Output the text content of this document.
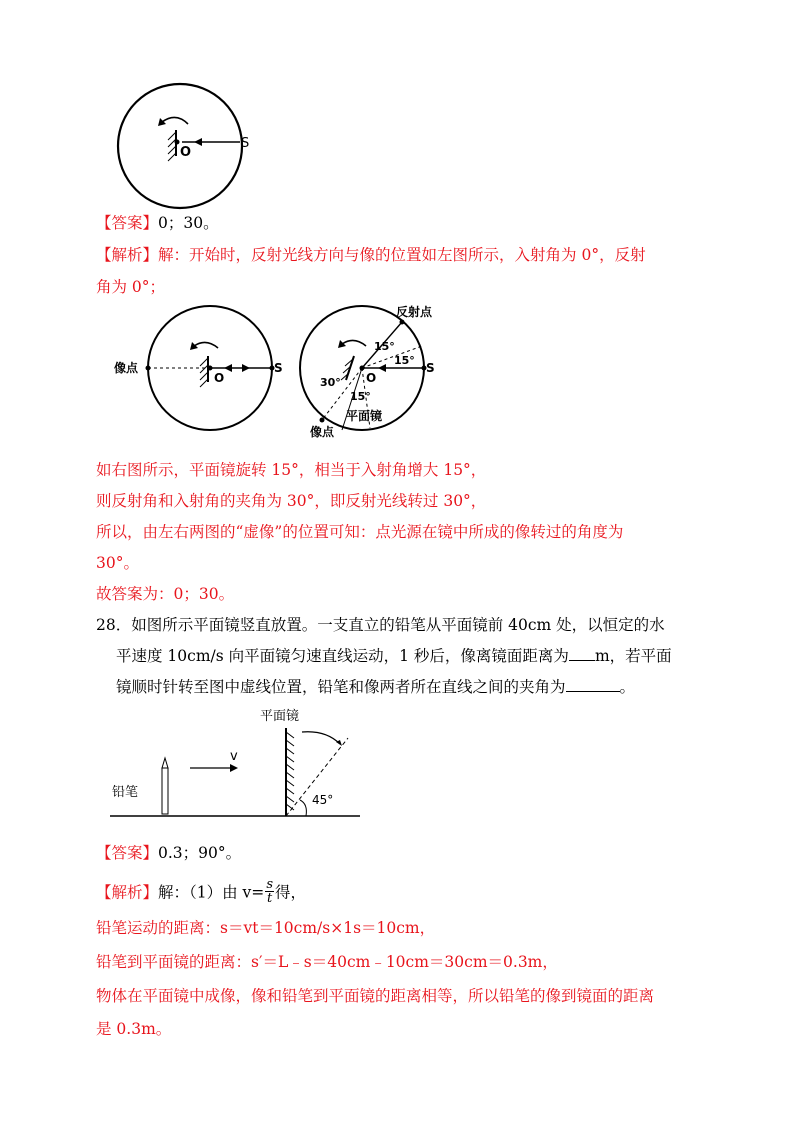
O
S
【答案】0；30。
【解析】解：开始时，反射光线方向与像的位置如左图所示，入射角为 0°，反射
角为 0°；
像点
O
S
反射点
15°
15°
30° O
S
15°
平面镜
像点
如右图所示，平面镜旋转 15°，相当于入射角增大 15°，
则反射角和入射角的夹角为 30°，即反射光线转过 30°，
所以，由左右两图的“虚像”的位置可知：点光源在镜中所成的像转过的角度为
30°。
故答案为：0；30。
28．如图所示平面镜竖直放置。一支直立的铅笔从平面镜前 40cm 处，以恒定的水
平速度 10cm/s 向平面镜匀速直线运动，1 秒后，像离镜面距离为 m，若平面
镜顺时针转至图中虚线位置，铅笔和像两者所在直线之间的夹角为	。
平面镜
45°
v
铅笔
【答案】0.3；90°。
【解析】解：（1）由 $v= \frac{s}{t}$ 得，
铅笔运动的距离：s＝vt＝10cm/s×1s＝10cm，
铅笔到平面镜的距离：s′＝L﹣s＝40cm﹣10cm＝30cm＝0.3m，
物体在平面镜中成像，像和铅笔到平面镜的距离相等，所以铅笔的像到镜面的距离
是 0.3m。
